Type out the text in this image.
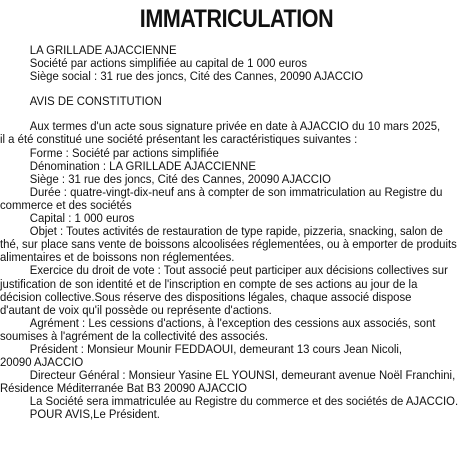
IMMATRICULATION
LA GRILLADE AJACCIENNE
Société par actions simplifiée au capital de 1 000 euros
Siège social : 31 rue des joncs, Cité des Cannes, 20090 AJACCIO
AVIS DE CONSTITUTION
Aux termes d'un acte sous signature privée en date à AJACCIO du 10 mars 2025,
il a été constitué une société présentant les caractéristiques suivantes :
Forme : Société par actions simplifiée
Dénomination : LA GRILLADE AJACCIENNE
Siège : 31 rue des joncs, Cité des Cannes, 20090 AJACCIO
Durée : quatre-vingt-dix-neuf ans à compter de son immatriculation au Registre du
commerce et des sociétés
Capital : 1 000 euros
Objet : Toutes activités de restauration de type rapide, pizzeria, snacking, salon de
thé, sur place sans vente de boissons alcoolisées réglementées, ou à emporter de produits
alimentaires et de boissons non réglementées.
Exercice du droit de vote : Tout associé peut participer aux décisions collectives sur
justification de son identité et de l'inscription en compte de ses actions au jour de la
décision collective.Sous réserve des dispositions légales, chaque associé dispose
d'autant de voix qu'il possède ou représente d'actions.
Agrément : Les cessions d'actions, à l'exception des cessions aux associés, sont
soumises à l'agrément de la collectivité des associés.
Président : Monsieur Mounir FEDDAOUI, demeurant 13 cours Jean Nicoli,
20090 AJACCIO
Directeur Général : Monsieur Yasine EL YOUNSI, demeurant avenue Noël Franchini,
Résidence Méditerranée Bat B3 20090 AJACCIO
La Société sera immatriculée au Registre du commerce et des sociétés de AJACCIO.
POUR AVIS,Le Président.
